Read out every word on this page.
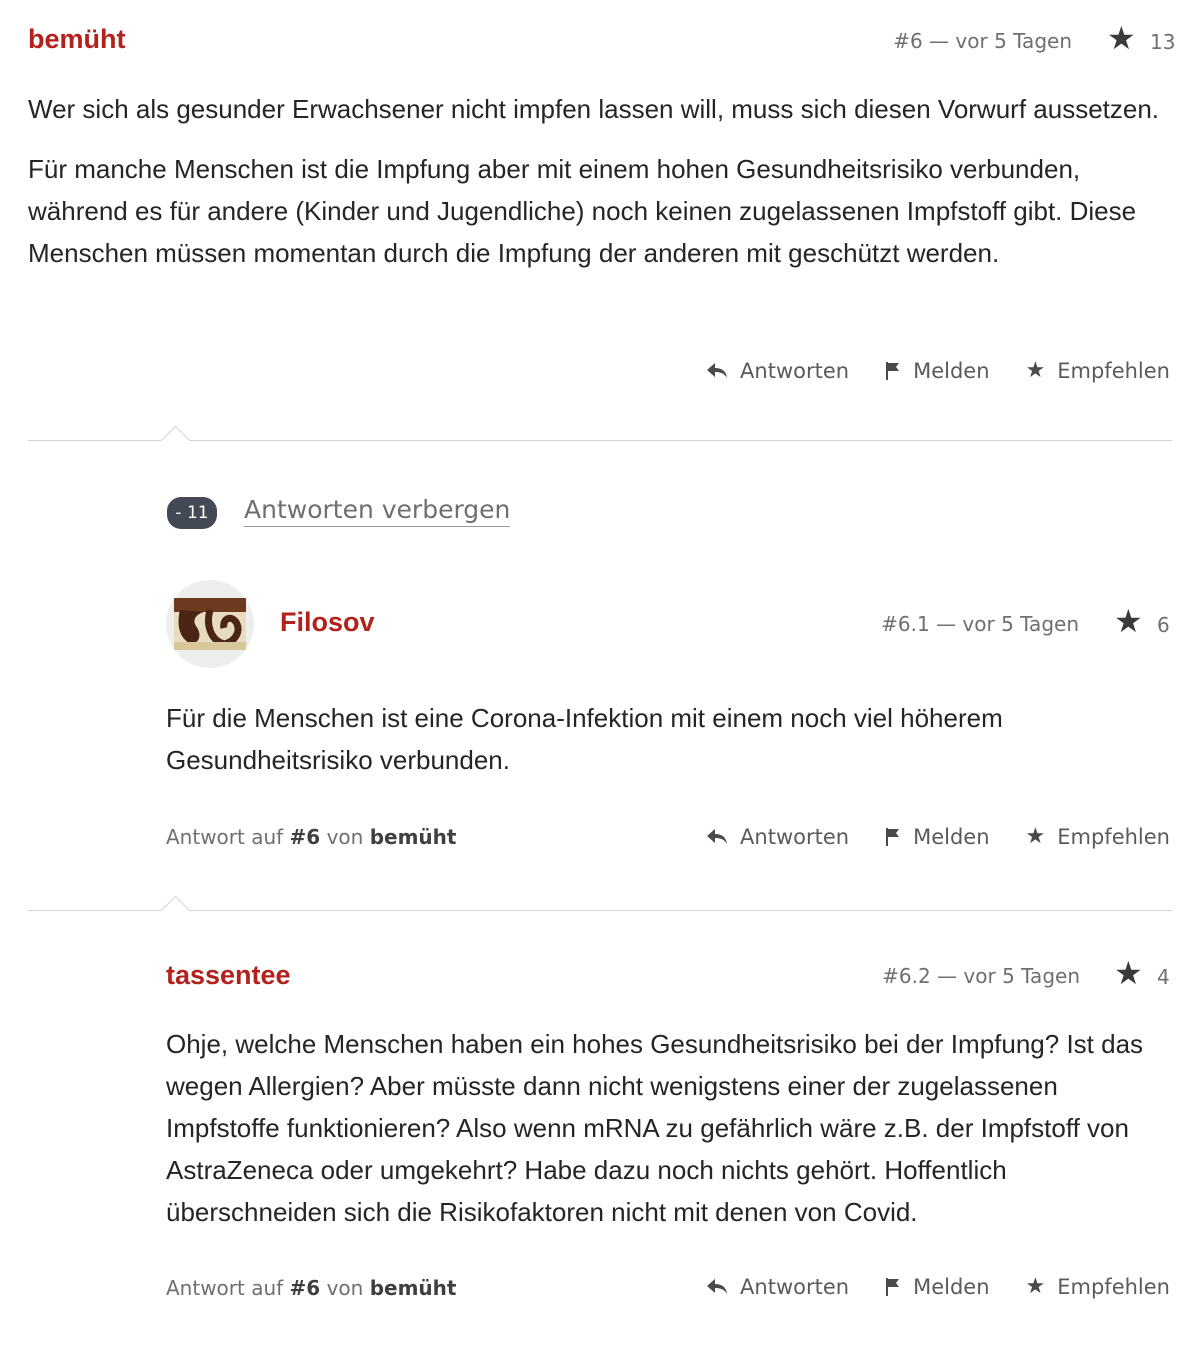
bemüht	#6 — vor 5 Tagen ★ 13

Wer sich als gesunder Erwachsener nicht impfen lassen will, muss sich diesen Vorwurf aussetzen.

Für manche Menschen ist die Impfung aber mit einem hohen Gesundheitsrisiko verbunden, während es für andere (Kinder und Jugendliche) noch keinen zugelassenen Impfstoff gibt. Diese Menschen müssen momentan durch die Impfung der anderen mit geschützt werden.

Antworten	Melden ★ Empfehlen
- 11	Antworten verbergen
Filosov	#6.1 — vor 5 Tagen ★ 6

Für die Menschen ist eine Corona-Infektion mit einem noch viel höherem Gesundheitsrisiko verbunden.

Antwort auf #6 von bemüht	Antworten	Melden ★ Empfehlen
tassentee	#6.2 — vor 5 Tagen ★ 4

Ohje, welche Menschen haben ein hohes Gesundheitsrisiko bei der Impfung? Ist das wegen Allergien? Aber müsste dann nicht wenigstens einer der zugelassenen Impfstoffe funktionieren? Also wenn mRNA zu gefährlich wäre z.B. der Impfstoff von AstraZeneca oder umgekehrt? Habe dazu noch nichts gehört. Hoffentlich überschneiden sich die Risikofaktoren nicht mit denen von Covid.

Antwort auf #6 von bemüht	Antworten	Melden ★ Empfehlen
